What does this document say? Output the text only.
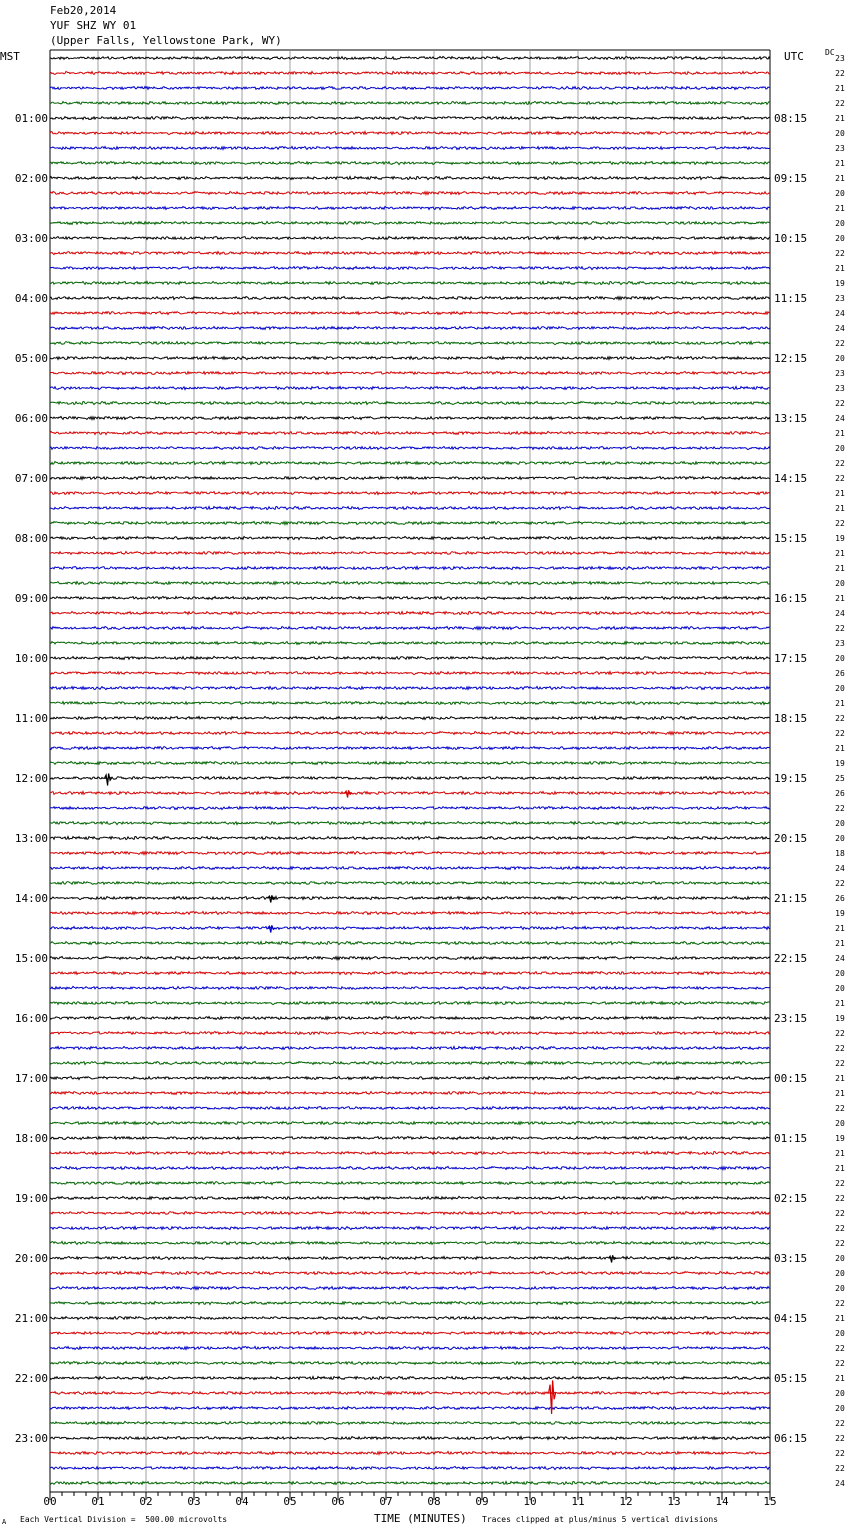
00	01	02	03	04	05	06	07	08	09	10	11	12	13	14	15
23
22
21
22
21
01:00	08:15
20
23
21
21
02:00	09:15
20
21
20
20
03:00	10:15
22
21
19
23
04:00	11:15
24
24
22
20
05:00	12:15
23
23
22
24
06:00	13:15
21
20
22
22
07:00	14:15
21
21
22
19
08:00	15:15
21
21
20
21
09:00	16:15
24
22
23
20
10:00	17:15
26
20
21
22
11:00	18:15
22
21
19
25
12:00	19:15
26
22
20
20
13:00	20:15
18
24
22
26
14:00	21:15
19
21
21
24
15:00	22:15
20
20
21
19
16:00	23:15
22
22
22
21
17:00	00:15
21
22
20
19
18:00	01:15
21
21
22
22
19:00	02:15
22
22
22
20
20:00	03:15
20
20
22
21
21:00	04:15
20
22
22
21
22:00	05:15
20
20
22
22
23:00	06:15
22
22
24
Feb20,2014
YUF SHZ WY 01
(Upper Falls, Yellowstone Park, WY)
MST	UTC	DC
A Each Vertical Division =  500.00 microvolts	TIME (MINUTES) Traces clipped at plus/minus 5 vertical divisions
